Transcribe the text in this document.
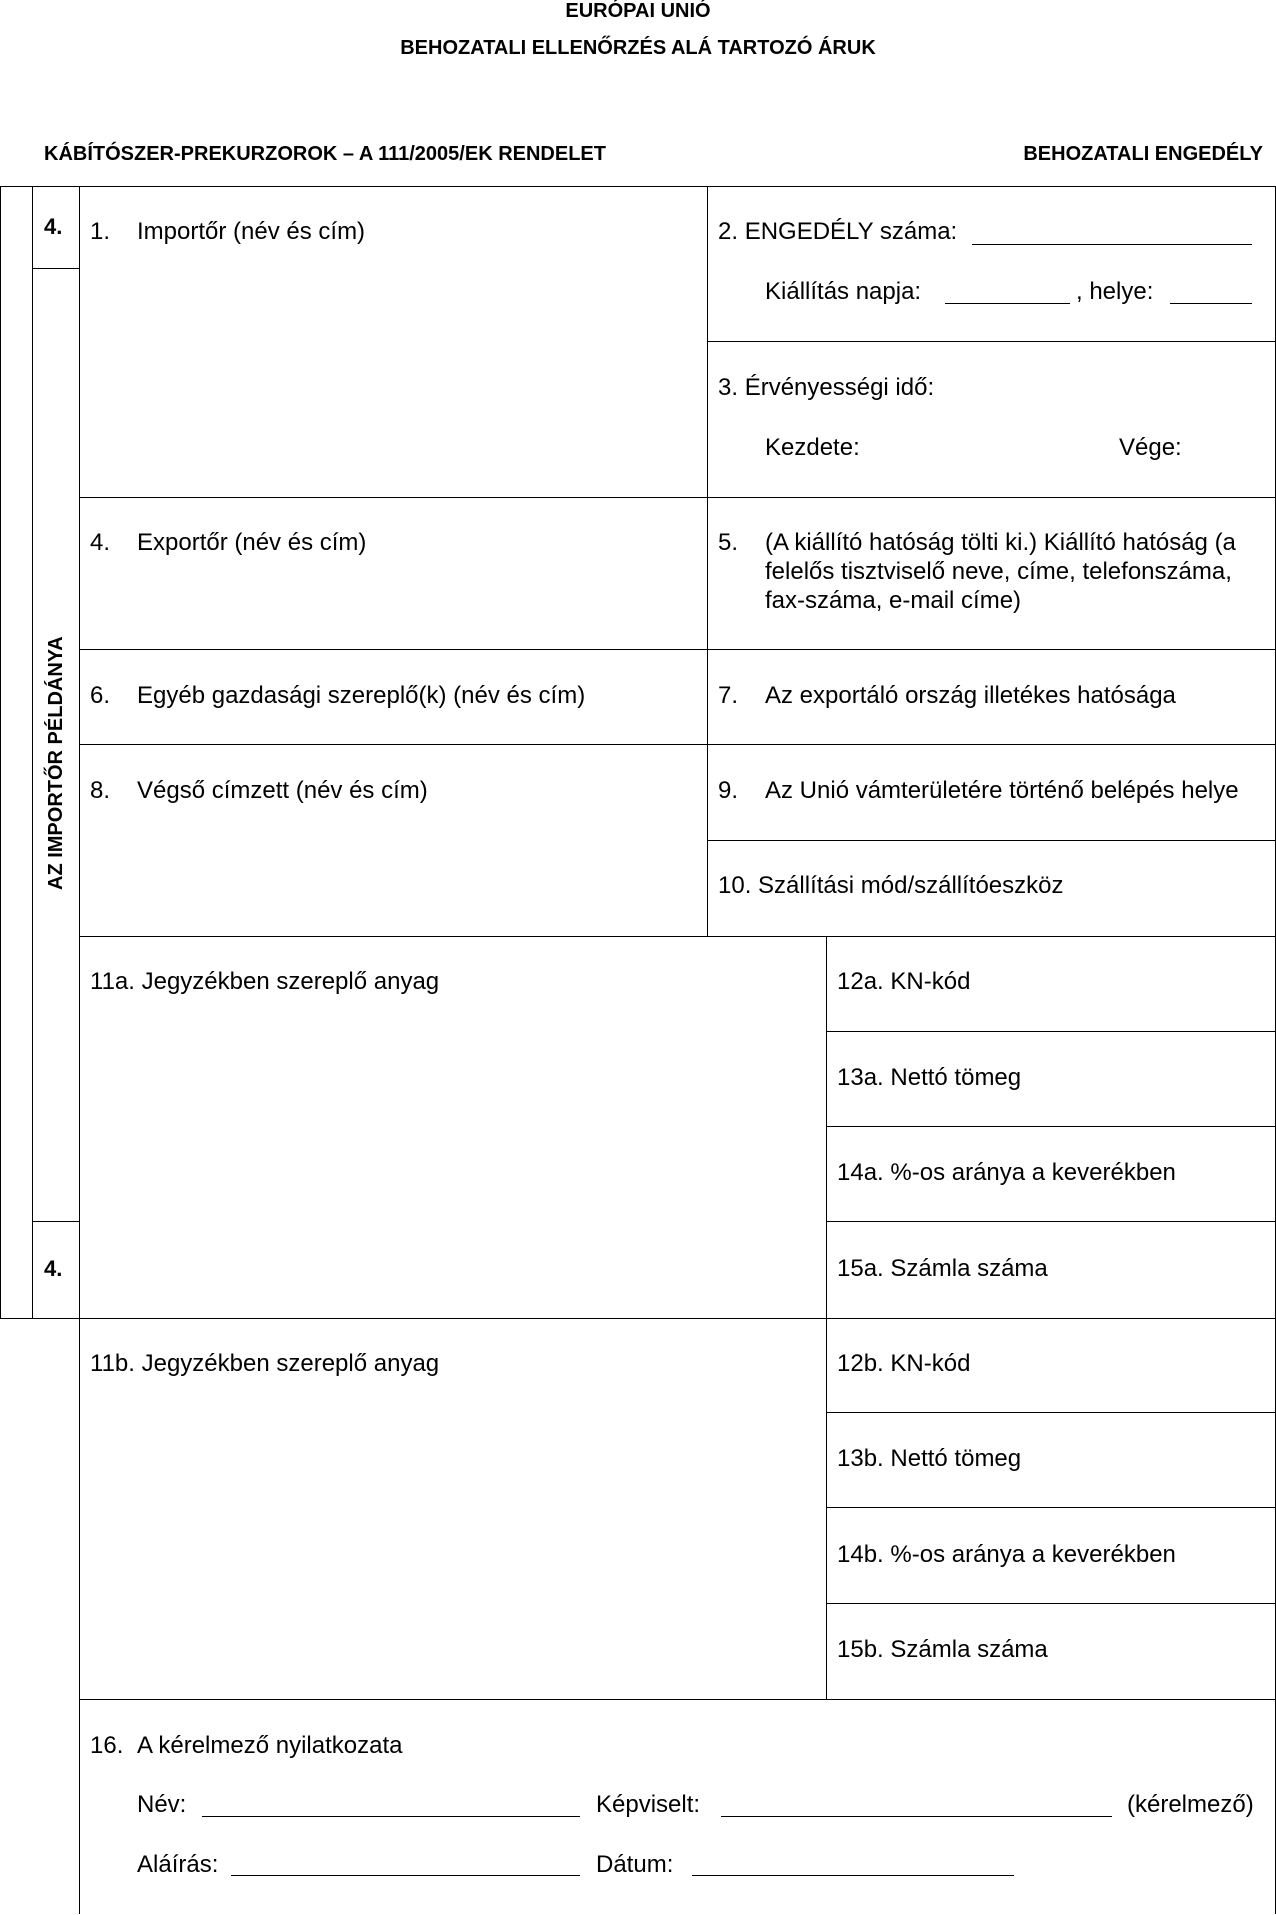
EURÓPAI UNIÓ
BEHOZATALI ELLENŐRZÉS ALÁ TARTOZÓ ÁRUK
KÁBÍTÓSZER-PREKURZOROK – A 111/2005/EK RENDELET	BEHOZATALI ENGEDÉLY
4.
4.
AZ IMPORTŐR PÉLDÁNYA
1. Importőr (név és cím)	2. ENGEDÉLY száma:
Kiállítás napja:	, helye:
3. Érvényességi idő:
Kezdete:	Vége:
4. Exportőr (név és cím)	5. (A kiállító hatóság tölti ki.) Kiállító hatóság (a
felelős tisztviselő neve, címe, telefonszáma,
fax-száma, e-mail címe)
6. Egyéb gazdasági szereplő(k) (név és cím)	7. Az exportáló ország illetékes hatósága
8. Végső címzett (név és cím)	9. Az Unió vámterületére történő belépés helye
10. Szállítási mód/szállítóeszköz
11a. Jegyzékben szereplő anyag	12a. KN-kód
13a. Nettó tömeg
14a. %-os aránya a keverékben
15a. Számla száma
11b. Jegyzékben szereplő anyag	12b. KN-kód
13b. Nettó tömeg
14b. %-os aránya a keverékben
15b. Számla száma
16. A kérelmező nyilatkozata
Név:	Képviselt:	(kérelmező)
Aláírás:	Dátum:
